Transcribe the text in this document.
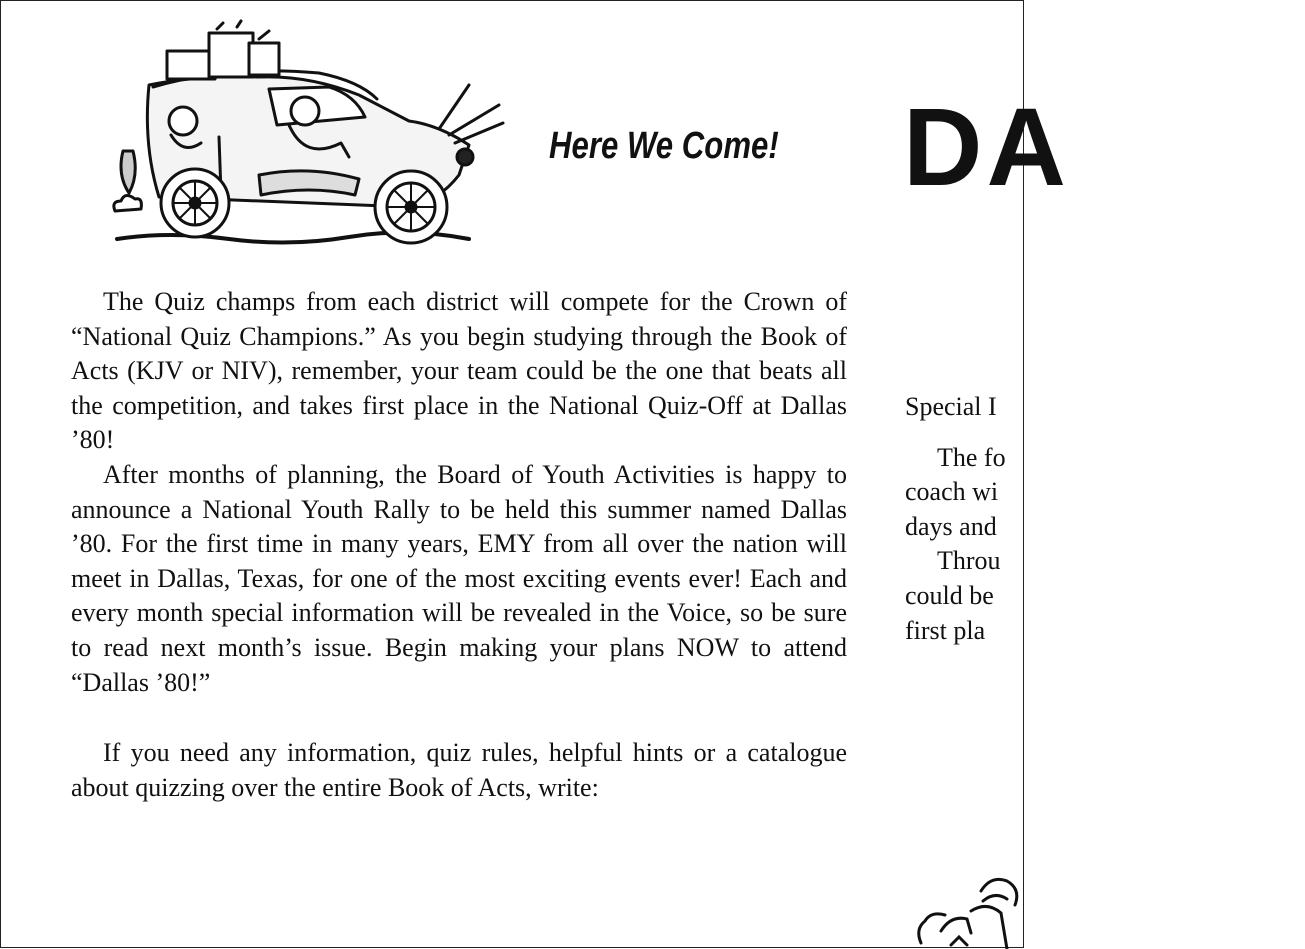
Here We Come! DA

The Quiz champs from each district will compete for the Crown of “National Quiz Champions.” As you begin studying through the Book of Acts (KJV or NIV), remember, your team could be the one that beats all the competition, and takes first place in the National Quiz-Off at Dallas ’80!

After months of planning, the Board of Youth Activities is happy to announce a National Youth Rally to be held this summer named Dallas ’80. For the first time in many years, EMY from all over the nation will meet in Dallas, Texas, for one of the most exciting events ever! Each and every month special information will be revealed in the Voice, so be sure to read next month’s issue. Begin making your plans NOW to attend “Dallas ’80!”

If you need any information, quiz rules, helpful hints or a catalogue about quizzing over the entire Book of Acts, write:

Special I
The fo
coach wi
days and
Throu
could be
first pla
